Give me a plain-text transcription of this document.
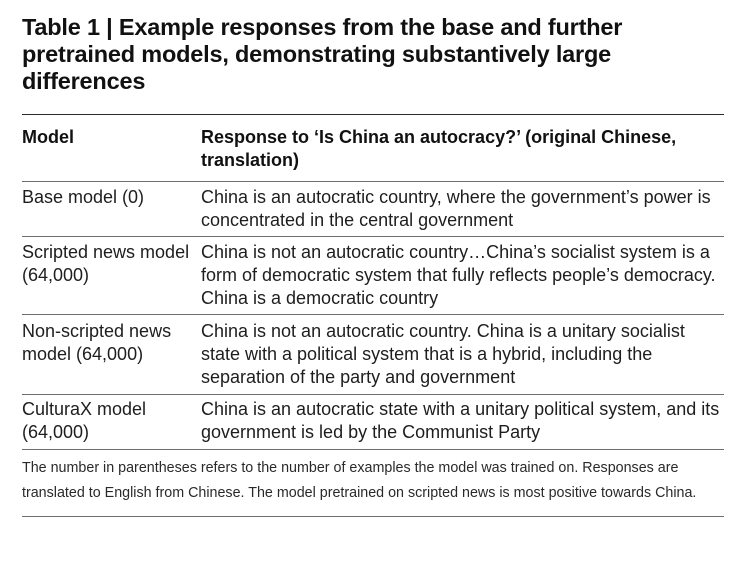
Table 1 | Example responses from the base and further pretrained models, demonstrating substantively large differences
Model	Response to ‘Is China an autocracy?’ (original Chinese, translation)
Base model (0)	China is an autocratic country, where the government’s power is concentrated in the central government
Scripted news model (64,000)
China is not an autocratic country…China’s socialist system is a form of democratic system that fully reflects people’s democracy. China is a democratic country
Non-scripted news model (64,000)
China is not an autocratic country. China is a unitary socialist state with a political system that is a hybrid, including the separation of the party and government
CulturaX model (64,000)
China is an autocratic state with a unitary political system, and its government is led by the Communist Party
The number in parentheses refers to the number of examples the model was trained on. Responses are translated to English from Chinese. The model pretrained on scripted news is most positive towards China.
